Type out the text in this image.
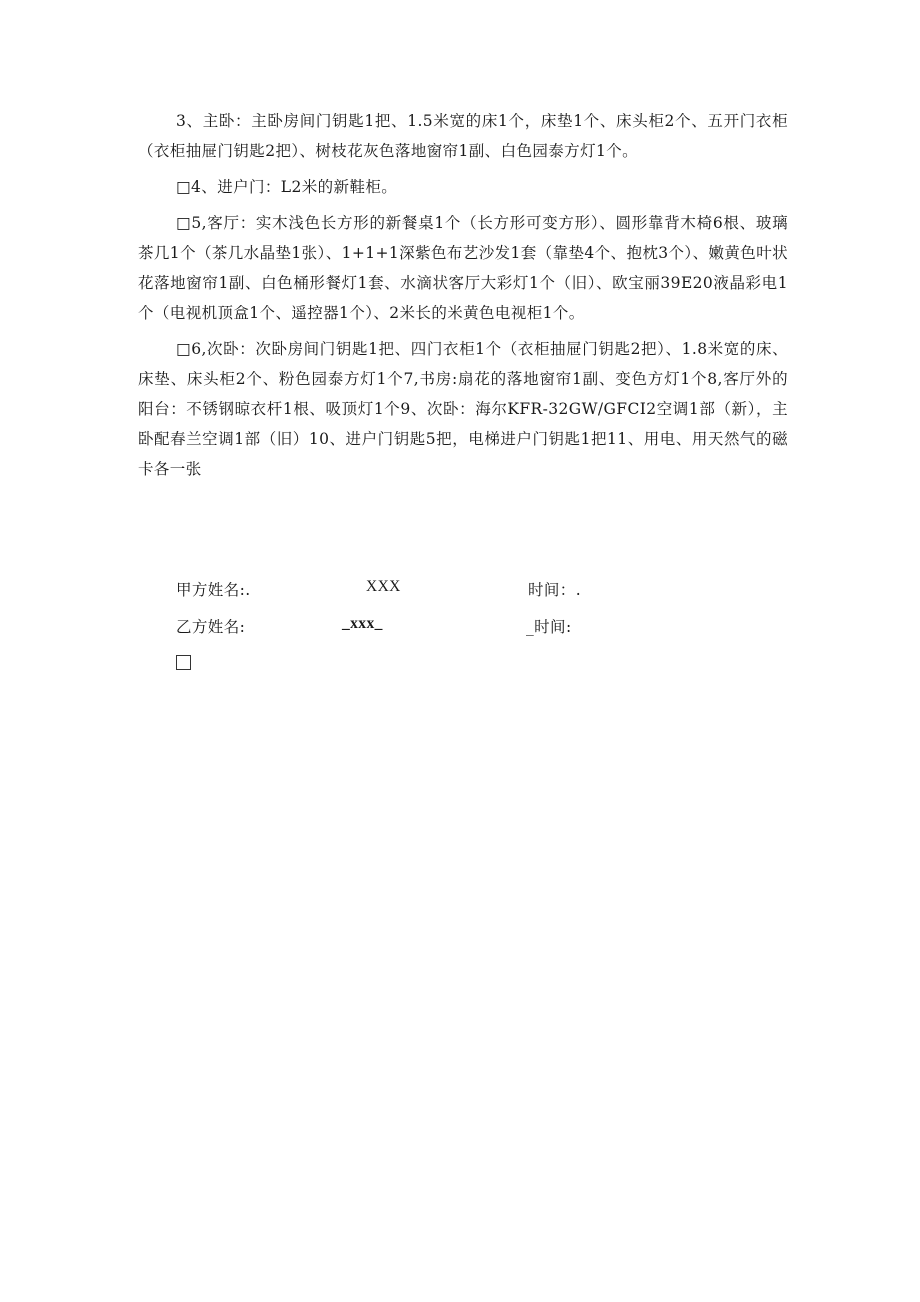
3、主卧：主卧房间门钥匙1把、1.5米宽的床1个，床垫1个、床头柜2个、五开门衣柜（衣柜抽屉门钥匙2把）、树枝花灰色落地窗帘1副、白色园泰方灯1个。

□4、进户门：L2米的新鞋柜。

□5,客厅：实木浅色长方形的新餐桌1个（长方形可变方形）、圆形靠背木椅6根、玻璃茶几1个（茶几水晶垫1张）、1+1+1深紫色布艺沙发1套（靠垫4个、抱枕3个）、嫩黄色叶状花落地窗帘1副、白色桶形餐灯1套、水滴状客厅大彩灯1个（旧）、欧宝丽39E20液晶彩电1个（电视机顶盒1个、遥控器1个）、2米长的米黄色电视柜1个。

□6,次卧：次卧房间门钥匙1把、四门衣柜1个（衣柜抽屉门钥匙2把）、1.8米宽的床、床垫、床头柜2个、粉色园泰方灯1个7,书房:扇花的落地窗帘1副、变色方灯1个8,客厅外的阳台：不锈钢晾衣杆1根、吸顶灯1个9、次卧：海尔KFR-32GW/GFCI2空调1部（新），主卧配春兰空调1部（旧）10、进户门钥匙5把，电梯进户门钥匙1把11、用电、用天然气的磁卡各一张

甲方姓名:.	XXX	时间：.
乙方姓名:	_xxx_	_时间:
